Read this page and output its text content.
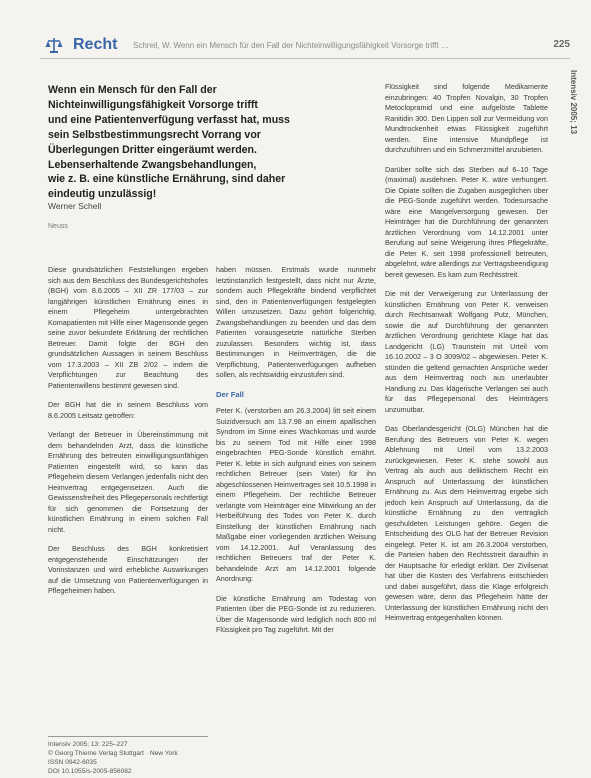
Recht Schreil, W. Wenn ein Mensch für den Fall der Nichteinwilligungsfähigkeit Vorsorge trifft …	225
Intensiv 2005; 13

Wenn ein Mensch für den Fall der

Nichteinwilligungsfähigkeit Vorsorge trifft

und eine Patientenverfügung verfasst hat, muss

sein Selbstbestimmungsrecht Vorrang vor

Überlegungen Dritter eingeräumt werden.

Lebenserhaltende Zwangsbehandlungen,

wie z. B. eine künstliche Ernährung, sind daher

eindeutig unzulässig!

Werner Schell
Neuss

Diese grundsätzlichen Feststellungen ergeben sich aus dem Beschluss des Bundesgerichtshofes (BGH) vom 8.6.2005 – XII ZR 177/03 – zur langjährigen künstlichen Ernährung eines in einem Pflegeheim untergebrachten Komapatienten mit Hilfe einer Magensonde gegen seine zuvor bekundete Erklärung der rechtlichen Betreuer. Damit folgte der BGH den grundsätzlichen Aussagen in seinem Beschluss vom 17.3.2003 – XII ZB 2/02 – indem die Verpflichtungen zur Beachtung des Patientenwillens bestimmt gewesen sind.

Der BGH hat die in seinem Beschluss vom 8.6.2005 Leitsatz getroffen:

Verlangt der Betreuer in Übereinstimmung mit dem behandelnden Arzt, dass die künstliche Ernährung des betreuten einwilligungsunfähigen Patienten eingestellt wird, so kann das Pflegeheim diesem Verlangen jedenfalls nicht den Heimvertrag entgegensetzen. Auch die Gewissensfreiheit des Pflegepersonals rechtfertigt für sich genommen die Fortsetzung der künstlichen Ernährung in einem solchen Fall nicht.

Der Beschluss des BGH konkretisiert entgegenstehende Einschätzungen der Vorinstanzen und wird erhebliche Auswirkungen auf die Umsetzung von Patientenverfügungen in Pflegeheimen haben.

haben müssen. Erstmals wurde nunmehr letztinstanzlich festgestellt, dass nicht nur Ärzte, sondern auch Pflegekräfte bindend verpflichtet sind, den in Patientenverfügungen festgelegten Willen umzusetzen. Dazu gehört folgerichtig, Zwangsbehandlungen zu beenden und das dem Patienten vorausgesetzte natürliche Sterben zuzulassen. Besonders wichtig ist, dass Bestimmungen in Heimverträgen, die die Verpflichtung, Patientenverfügungen aufheben sollen, als rechtswidrig einzustufen sind.

Der Fall

Peter K. (verstorben am 26.3.2004) litt seit einem Suizidversuch am 13.7.98 an einem apallischen Syndrom im Sinne eines Wachkomas und wurde bis zu seinem Tod mit Hilfe einer 1998 eingebrachten PEG-Sonde künstlich ernährt. Peter K. lebte in sich aufgrund eines von seinem rechtlichen Betreuer (sein Vater) für ihn abgeschlossenen Heimvertrages seit 10.5.1998 in einem Pflegeheim. Der rechtliche Betreuer verlangte vom Heimträger eine Mitwirkung an der Herbeiführung des Todes von Peter K. durch Einstellung der künstlichen Ernährung nach Maßgabe einer vorliegenden ärztlichen Weisung vom 14.12.2001. Auf Veranlassung des rechtlichen Betreuers traf der Peter K. behandelnde Arzt am 14.12.2001 folgende Anordnung:

Die künstliche Ernährung am Todestag von Patienten über die PEG-Sonde ist zu reduzieren. Über die Magensonde wird lediglich noch 800 ml Flüssigkeit pro Tag zugeführt. Mit der

Flüssigkeit sind folgende Medikamente einzubringen: 40 Tropfen Novalgin, 30 Tropfen Metoclopramid und eine aufgelöste Tablette Ranitidin 300. Den Lippen soll zur Vermeidung von Mundtrockenheit etwas Flüssigkeit zugeführt werden. Eine intensive Mundpflege ist durchzuführen und ein Schmerzmittel anzubieten.

Darüber sollte sich das Sterben auf 6–10 Tage (maximal) ausdehnen. Peter K. wäre verhungert. Die Opiate sollten die Zugaben ausgeglichen über die PEG-Sonde zugeführt werden. Todesursache wäre eine Mangelversorgung gewesen. Der Heimträger hat die Durchführung der genannten ärztlichen Verordnung vom 14.12.2001 unter Berufung auf seine Weigerung ihres Pflegekräfte, die Peter K. seit 1998 professionell betreuten, abgelehnt, wäre allerdings zur Vertragsbeendigung bereit gewesen. Es kam zum Rechtsstreit.

Die mit der Verweigerung zur Unterlassung der künstlichen Ernährung von Peter K. verweisen durch Rechtsanwalt Wolfgang Putz, München, sowie die auf Durchführung der genannten ärztlichen Verordnung gerichtete Klage hat das Landgericht (LG) Traunstein mit Urteil vom 16.10.2002 – 3 O 3099/02 – abgewiesen. Peter K. stünden die geltend gemachten Ansprüche weder aus dem Heimvertrag noch aus unerlaubter Handlung zu. Das klägerische Verlangen sei auch für das Pflegepersonal des Heimträgers unzumutbar.

Das Oberlandesgericht (OLG) München hat die Berufung des Betreuers von Peter K. wegen Ablehnung mit Urteil vom 13.2.2003 zurückgewiesen. Peter K. stehe sowohl aus Vertrag als auch aus deliktischem Recht ein Anspruch auf Unterlassung der künstlichen Ernährung zu. Aus dem Heimvertrag ergebe sich jedoch kein Anspruch auf Unterlassung, da die künstliche Ernährung zu den vertraglich geschuldeten Leistungen gehöre. Gegen die Entscheidung des OLG hat der Betreuer Revision eingelegt. Peter K. ist am 26.3.2004 verstorben, die Parteien haben den Rechtsstreit daraufhin in der Hauptsache für erledigt erklärt. Der Zivilsenat hat über die Kosten des Verfahrens entschieden und dabei ausgeführt, dass die Klage erfolgreich gewesen wäre, denn das Pflegeheim hätte der Unterlassung der künstlichen Ernährung nicht den Heimvertrag entgegenhalten können.

Intensiv 2005; 13: 225–227
© Georg Thieme Verlag Stuttgart · New York
ISSN 0942-6035
DOI 10.1055/s-2005-856082
